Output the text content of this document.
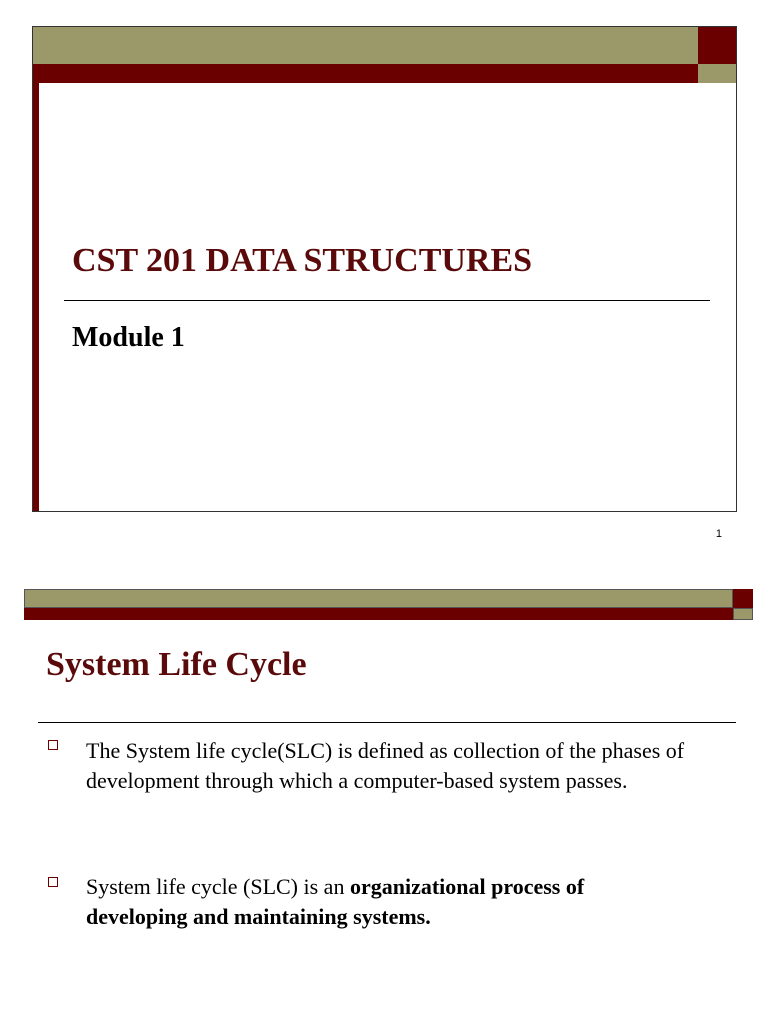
CST 201 DATA STRUCTURES
Module 1
1
System Life Cycle
The System life cycle(SLC) is defined as collection of the phases of development through which a computer-based system passes.
System life cycle (SLC) is an organizational process of developing and maintaining systems.
